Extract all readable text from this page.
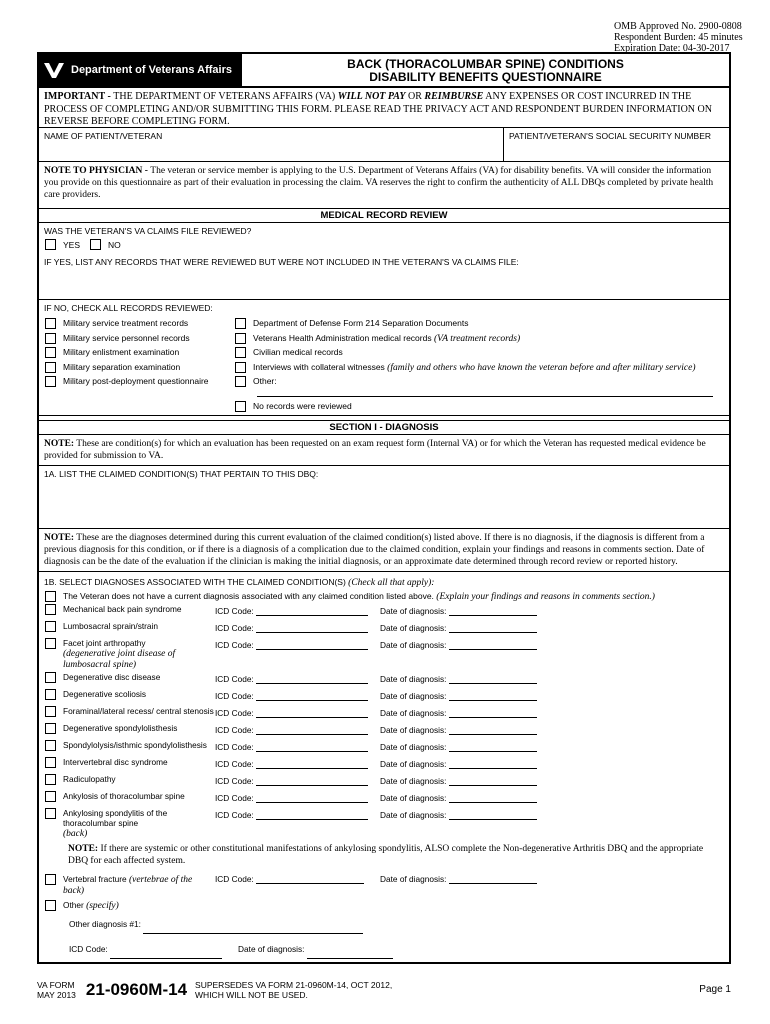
OMB Approved No. 2900-0808
Respondent Burden: 45 minutes
Expiration Date: 04-30-2017
Department of Veterans Affairs	BACK (THORACOLUMBAR SPINE) CONDITIONS
DISABILITY BENEFITS QUESTIONNAIRE
IMPORTANT - THE DEPARTMENT OF VETERANS AFFAIRS (VA) WILL NOT PAY OR REIMBURSE ANY EXPENSES OR COST INCURRED IN THE PROCESS OF COMPLETING AND/OR SUBMITTING THIS FORM. PLEASE READ THE PRIVACY ACT AND RESPONDENT BURDEN INFORMATION ON REVERSE BEFORE COMPLETING FORM.
NAME OF PATIENT/VETERAN	PATIENT/VETERAN'S SOCIAL SECURITY NUMBER
NOTE TO PHYSICIAN - The veteran or service member is applying to the U.S. Department of Veterans Affairs (VA) for disability benefits. VA will consider the information you provide on this questionnaire as part of their evaluation in processing the claim. VA reserves the right to confirm the authenticity of ALL DBQs completed by private health care providers.
MEDICAL RECORD REVIEW
WAS THE VETERAN'S VA CLAIMS FILE REVIEWED?
YES	NO
IF YES, LIST ANY RECORDS THAT WERE REVIEWED BUT WERE NOT INCLUDED IN THE VETERAN'S VA CLAIMS FILE:
IF NO, CHECK ALL RECORDS REVIEWED:
Military service treatment records
Military service personnel records
Military enlistment examination
Military separation examination
Military post-deployment questionnaire
Department of Defense Form 214 Separation Documents
Veterans Health Administration medical records (VA treatment records)
Civilian medical records
Interviews with collateral witnesses (family and others who have known the veteran before and after military service)
Other:
No records were reviewed
SECTION I - DIAGNOSIS
NOTE: These are condition(s) for which an evaluation has been requested on an exam request form (Internal VA) or for which the Veteran has requested medical evidence be provided for submission to VA.
1A. LIST THE CLAIMED CONDITION(S) THAT PERTAIN TO THIS DBQ:
NOTE: These are the diagnoses determined during this current evaluation of the claimed condition(s) listed above. If there is no diagnosis, if the diagnosis is different from a previous diagnosis for this condition, or if there is a diagnosis of a complication due to the claimed condition, explain your findings and reasons in comments section. Date of diagnosis can be the date of the evaluation if the clinician is making the initial diagnosis, or an approximate date determined through record review or reported history.
1B. SELECT DIAGNOSES ASSOCIATED WITH THE CLAIMED CONDITION(S) (Check all that apply):
The Veteran does not have a current diagnosis associated with any claimed condition listed above. (Explain your findings and reasons in comments section.)
Mechanical back pain syndrome	ICD Code:	Date of diagnosis:
Lumbosacral sprain/strain	ICD Code:	Date of diagnosis:
Facet joint arthropathy
(degenerative joint disease of lumbosacral spine)
ICD Code:	Date of diagnosis:
Degenerative disc disease	ICD Code:	Date of diagnosis:
Degenerative scoliosis	ICD Code:	Date of diagnosis:
Foraminal/lateral recess/ central stenosis ICD Code:	Date of diagnosis:
Degenerative spondylolisthesis	ICD Code:	Date of diagnosis:
Spondylolysis/isthmic spondylolisthesis ICD Code:	Date of diagnosis:
Intervertebral disc syndrome	ICD Code:	Date of diagnosis:
Radiculopathy	ICD Code:	Date of diagnosis:
Ankylosis of thoracolumbar spine	ICD Code:	Date of diagnosis:
Ankylosing spondylitis of the thoracolumbar spine
(back)
ICD Code:	Date of diagnosis:
NOTE: If there are systemic or other constitutional manifestations of ankylosing spondylitis, ALSO complete the Non-degenerative Arthritis DBQ and the appropriate DBQ for each affected system.
Vertebral fracture (vertebrae of the back)
ICD Code:	Date of diagnosis:
Other (specify)
Other diagnosis #1:

ICD Code:
	Date of diagnosis:

VA FORM
MAY 2013 21-0960M-14 SUPERSEDES VA FORM 21-0960M-14, OCT 2012,
WHICH WILL NOT BE USED.	Page 1
